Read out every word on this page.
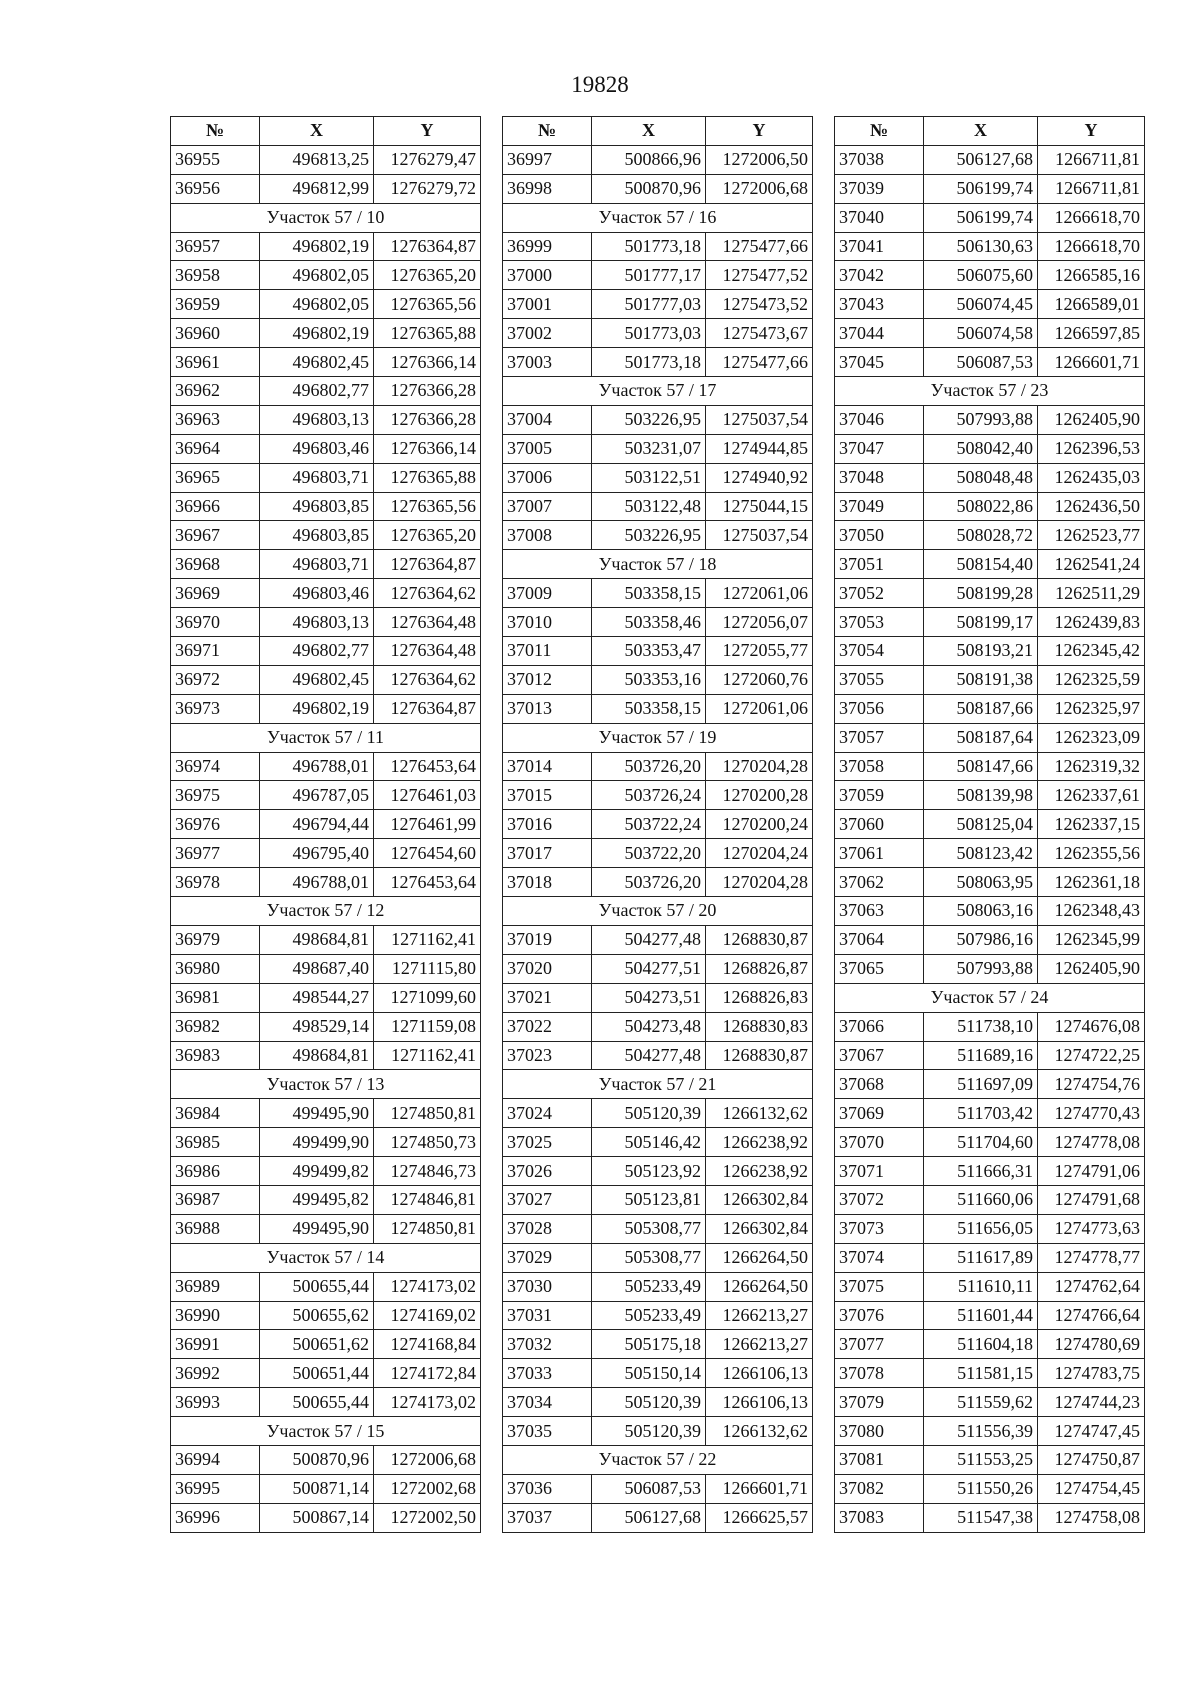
19828
№	X	Y
36955	496813,25	1276279,47
36956	496812,99	1276279,72
Участок 57 / 10		
36957	496802,19	1276364,87
36958	496802,05	1276365,20
36959	496802,05	1276365,56
36960	496802,19	1276365,88
36961	496802,45	1276366,14
36962	496802,77	1276366,28
36963	496803,13	1276366,28
36964	496803,46	1276366,14
36965	496803,71	1276365,88
36966	496803,85	1276365,56
36967	496803,85	1276365,20
36968	496803,71	1276364,87
36969	496803,46	1276364,62
36970	496803,13	1276364,48
36971	496802,77	1276364,48
36972	496802,45	1276364,62
36973	496802,19	1276364,87
Участок 57 / 11		
36974	496788,01	1276453,64
36975	496787,05	1276461,03
36976	496794,44	1276461,99
36977	496795,40	1276454,60
36978	496788,01	1276453,64
Участок 57 / 12		
36979	498684,81	1271162,41
36980	498687,40	1271115,80
36981	498544,27	1271099,60
36982	498529,14	1271159,08
36983	498684,81	1271162,41
Участок 57 / 13		
36984	499495,90	1274850,81
36985	499499,90	1274850,73
36986	499499,82	1274846,73
36987	499495,82	1274846,81
36988	499495,90	1274850,81
Участок 57 / 14		
36989	500655,44	1274173,02
36990	500655,62	1274169,02
36991	500651,62	1274168,84
36992	500651,44	1274172,84
36993	500655,44	1274173,02
Участок 57 / 15		
36994	500870,96	1272006,68
36995	500871,14	1272002,68
36996	500867,14	1272002,50
№	X	Y
36997	500866,96	1272006,50
36998	500870,96	1272006,68
Участок 57 / 16		
36999	501773,18	1275477,66
37000	501777,17	1275477,52
37001	501777,03	1275473,52
37002	501773,03	1275473,67
37003	501773,18	1275477,66
Участок 57 / 17		
37004	503226,95	1275037,54
37005	503231,07	1274944,85
37006	503122,51	1274940,92
37007	503122,48	1275044,15
37008	503226,95	1275037,54
Участок 57 / 18		
37009	503358,15	1272061,06
37010	503358,46	1272056,07
37011	503353,47	1272055,77
37012	503353,16	1272060,76
37013	503358,15	1272061,06
Участок 57 / 19		
37014	503726,20	1270204,28
37015	503726,24	1270200,28
37016	503722,24	1270200,24
37017	503722,20	1270204,24
37018	503726,20	1270204,28
Участок 57 / 20		
37019	504277,48	1268830,87
37020	504277,51	1268826,87
37021	504273,51	1268826,83
37022	504273,48	1268830,83
37023	504277,48	1268830,87
Участок 57 / 21		
37024	505120,39	1266132,62
37025	505146,42	1266238,92
37026	505123,92	1266238,92
37027	505123,81	1266302,84
37028	505308,77	1266302,84
37029	505308,77	1266264,50
37030	505233,49	1266264,50
37031	505233,49	1266213,27
37032	505175,18	1266213,27
37033	505150,14	1266106,13
37034	505120,39	1266106,13
37035	505120,39	1266132,62
Участок 57 / 22		
37036	506087,53	1266601,71
37037	506127,68	1266625,57
№	X	Y
37038	506127,68	1266711,81
37039	506199,74	1266711,81
37040	506199,74	1266618,70
37041	506130,63	1266618,70
37042	506075,60	1266585,16
37043	506074,45	1266589,01
37044	506074,58	1266597,85
37045	506087,53	1266601,71
Участок 57 / 23		
37046	507993,88	1262405,90
37047	508042,40	1262396,53
37048	508048,48	1262435,03
37049	508022,86	1262436,50
37050	508028,72	1262523,77
37051	508154,40	1262541,24
37052	508199,28	1262511,29
37053	508199,17	1262439,83
37054	508193,21	1262345,42
37055	508191,38	1262325,59
37056	508187,66	1262325,97
37057	508187,64	1262323,09
37058	508147,66	1262319,32
37059	508139,98	1262337,61
37060	508125,04	1262337,15
37061	508123,42	1262355,56
37062	508063,95	1262361,18
37063	508063,16	1262348,43
37064	507986,16	1262345,99
37065	507993,88	1262405,90
Участок 57 / 24		
37066	511738,10	1274676,08
37067	511689,16	1274722,25
37068	511697,09	1274754,76
37069	511703,42	1274770,43
37070	511704,60	1274778,08
37071	511666,31	1274791,06
37072	511660,06	1274791,68
37073	511656,05	1274773,63
37074	511617,89	1274778,77
37075	511610,11	1274762,64
37076	511601,44	1274766,64
37077	511604,18	1274780,69
37078	511581,15	1274783,75
37079	511559,62	1274744,23
37080	511556,39	1274747,45
37081	511553,25	1274750,87
37082	511550,26	1274754,45
37083	511547,38	1274758,08
